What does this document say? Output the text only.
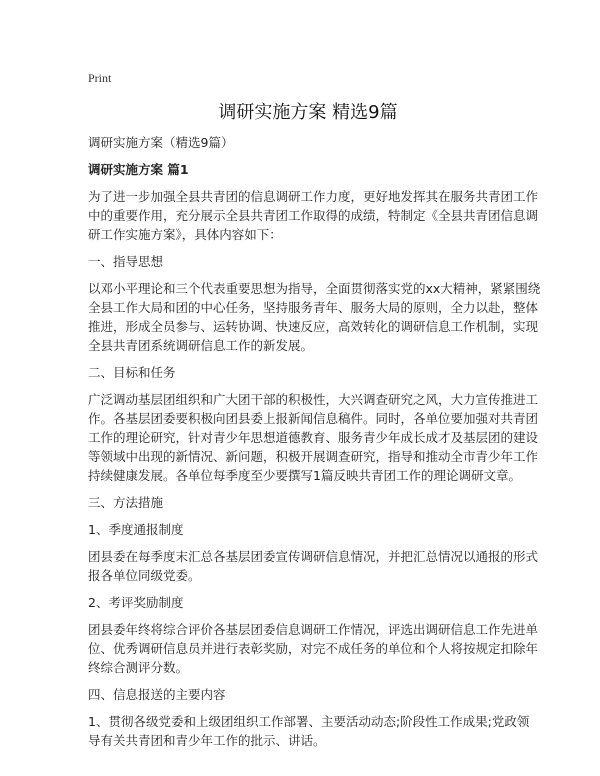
Print
调研实施方案 精选9篇
调研实施方案（精选9篇）
调研实施方案 篇1
为了进一步加强全县共青团的信息调研工作力度，更好地发挥其在服务共青团工作
中的重要作用，充分展示全县共青团工作取得的成绩，特制定《全县共青团信息调
研工作实施方案》，具体内容如下：
一、指导思想
以邓小平理论和三个代表重要思想为指导，全面贯彻落实党的xx大精神，紧紧围绕
全县工作大局和团的中心任务，坚持服务青年、服务大局的原则，全力以赴，整体
推进，形成全员参与、运转协调、快速反应，高效转化的调研信息工作机制，实现
全县共青团系统调研信息工作的新发展。
二、目标和任务
广泛调动基层团组织和广大团干部的积极性，大兴调查研究之风，大力宣传推进工
作。各基层团委要积极向团县委上报新闻信息稿件。同时，各单位要加强对共青团
工作的理论研究，针对青少年思想道德教育、服务青少年成长成才及基层团的建设
等领域中出现的新情况、新问题，积极开展调查研究，指导和推动全市青少年工作
持续健康发展。各单位每季度至少要撰写1篇反映共青团工作的理论调研文章。
三、方法措施
1、季度通报制度
团县委在每季度末汇总各基层团委宣传调研信息情况，并把汇总情况以通报的形式
报各单位同级党委。
2、考评奖励制度
团县委年终将综合评价各基层团委信息调研工作情况，评选出调研信息工作先进单
位、优秀调研信息员并进行表彰奖励，对完不成任务的单位和个人将按规定扣除年
终综合测评分数。
四、信息报送的主要内容
1、贯彻各级党委和上级团组织工作部署、主要活动动态;阶段性工作成果;党政领
导有关共青团和青少年工作的批示、讲话。
